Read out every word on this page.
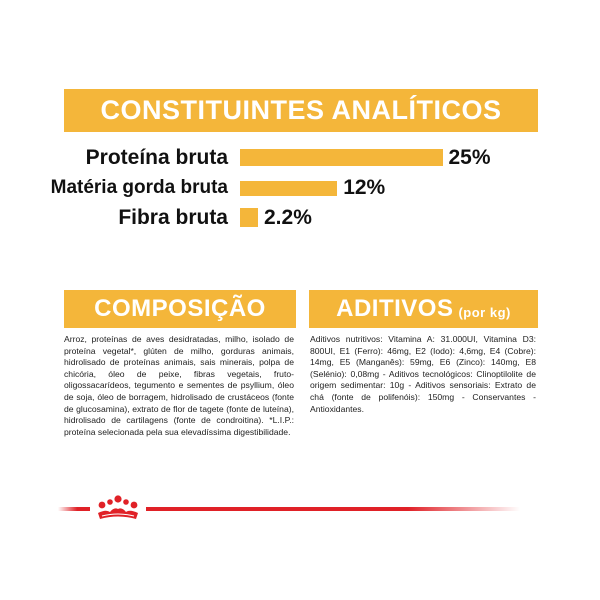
CONSTITUINTES ANALÍTICOS
Proteína bruta	25%
Matéria gorda bruta	12%
Fibra bruta 2.2%
COMPOSIÇÃO
Arroz, proteínas de aves desidratadas, milho, isolado de proteína vegetal*, glúten de milho, gorduras animais, hidrolisado de proteínas animais, sais minerais, polpa de chicória, óleo de peixe, fibras vegetais, fruto-oligossacarídeos, tegumento e sementes de psyllium, óleo de soja, óleo de borragem, hidrolisado de crustáceos (fonte de glucosamina), extrato de flor de tagete (fonte de luteína), hidrolisado de cartilagens (fonte de condroitina). *L.I.P.: proteína selecionada pela sua elevadíssima digestibilidade.
ADITIVOS (por kg)
Aditivos nutritivos: Vitamina A: 31.000UI, Vitamina D3: 800UI, E1 (Ferro): 46mg, E2 (Iodo): 4,6mg, E4 (Cobre): 14mg, E5 (Manganês): 59mg, E6 (Zinco): 140mg, E8 (Selénio): 0,08mg - Aditivos tecnológicos: Clinoptilolite de origem sedimentar: 10g - Aditivos sensoriais: Extrato de chá (fonte de polifenóis): 150mg - Conservantes - Antioxidantes.
